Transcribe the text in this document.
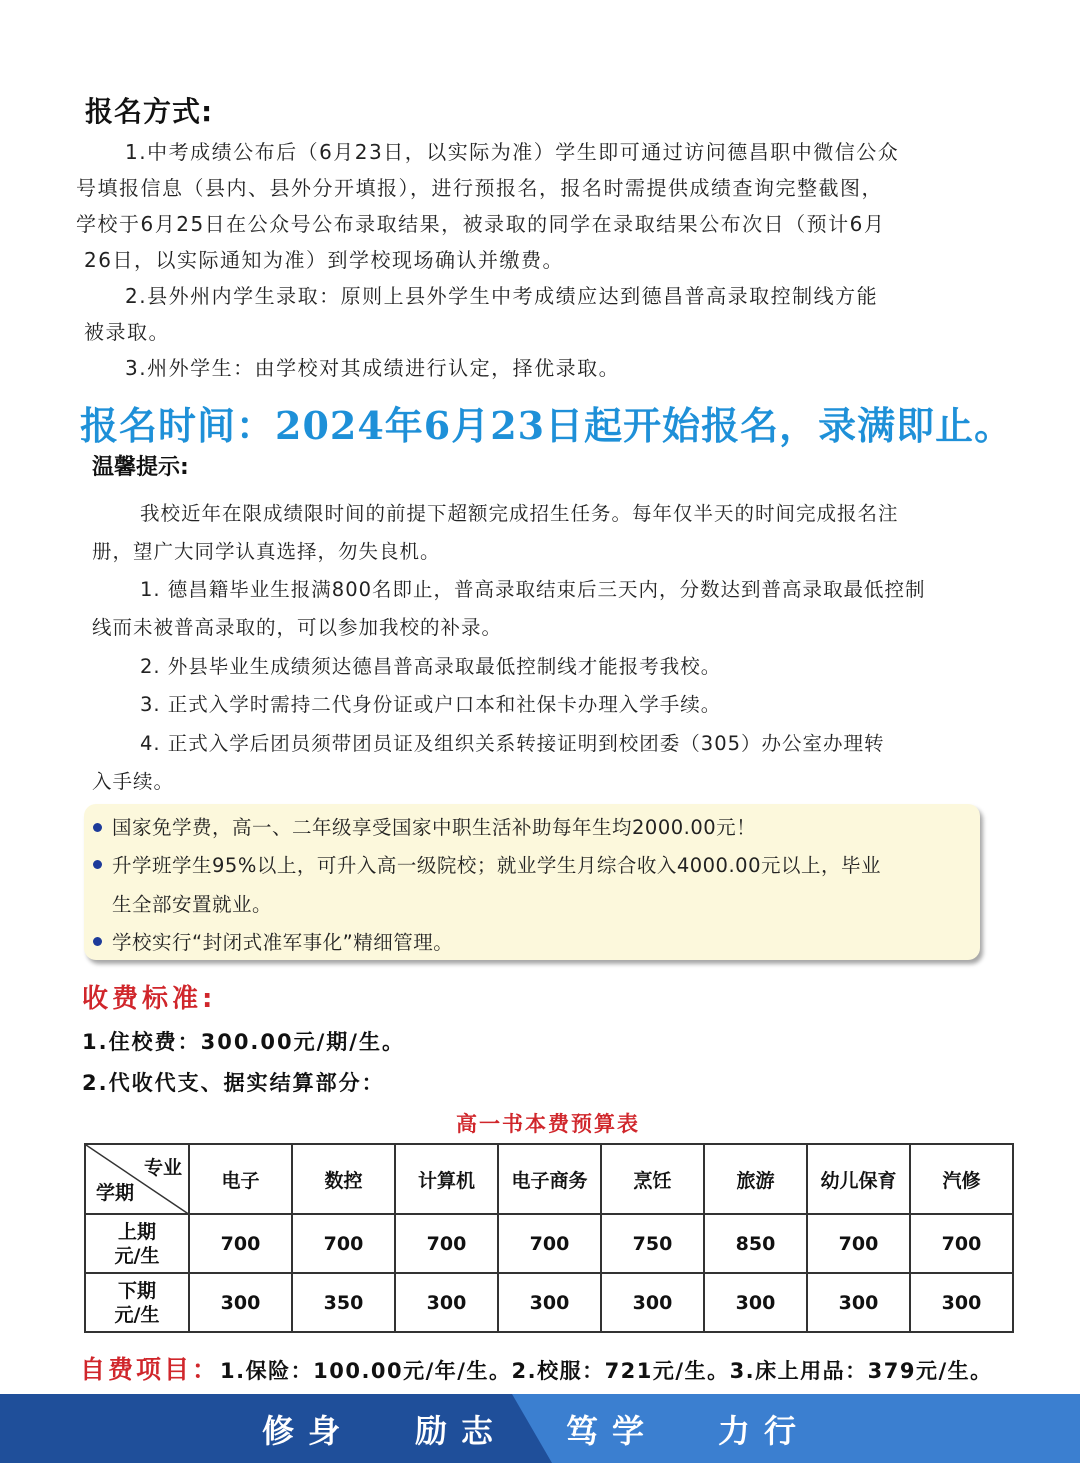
报名方式:
1.中考成绩公布后（6月23日，以实际为准）学生即可通过访问德昌职中微信公众
号填报信息（县内、县外分开填报），进行预报名，报名时需提供成绩查询完整截图，
学校于6月25日在公众号公布录取结果，被录取的同学在录取结果公布次日（预计6月
26日，以实际通知为准）到学校现场确认并缴费。
2.县外州内学生录取：原则上县外学生中考成绩应达到德昌普高录取控制线方能
被录取。
3.州外学生：由学校对其成绩进行认定，择优录取。
报名时间：2024年6月23日起开始报名，录满即止。
温馨提示:
我校近年在限成绩限时间的前提下超额完成招生任务。每年仅半天的时间完成报名注
册，望广大同学认真选择，勿失良机。
1. 德昌籍毕业生报满800名即止，普高录取结束后三天内，分数达到普高录取最低控制
线而未被普高录取的，可以参加我校的补录。
2. 外县毕业生成绩须达德昌普高录取最低控制线才能报考我校。
3. 正式入学时需持二代身份证或户口本和社保卡办理入学手续。
4. 正式入学后团员须带团员证及组织关系转接证明到校团委（305）办公室办理转
入手续。
国家免学费，高一、二年级享受国家中职生活补助每年生均2000.00元！
升学班学生95%以上，可升入高一级院校；就业学生月综合收入4000.00元以上，毕业
生全部安置就业。
学校实行“封闭式准军事化”精细管理。
收费标准:
1.住校费：300.00元/期/生。
2.代收代支、据实结算部分：
高一书本费预算表
专业
学期	电子	数控	计算机	电子商务	烹饪	旅游	幼儿保育	汽修

上期
元/生	700	700	700	700	750	850	700	700

下期
元/生	300	350	300	300	300	300	300	300
自费项目：1.保险：100.00元/年/生。2.校服：721元/生。3.床上用品：379元/生。
修身 励志 笃学 力行
